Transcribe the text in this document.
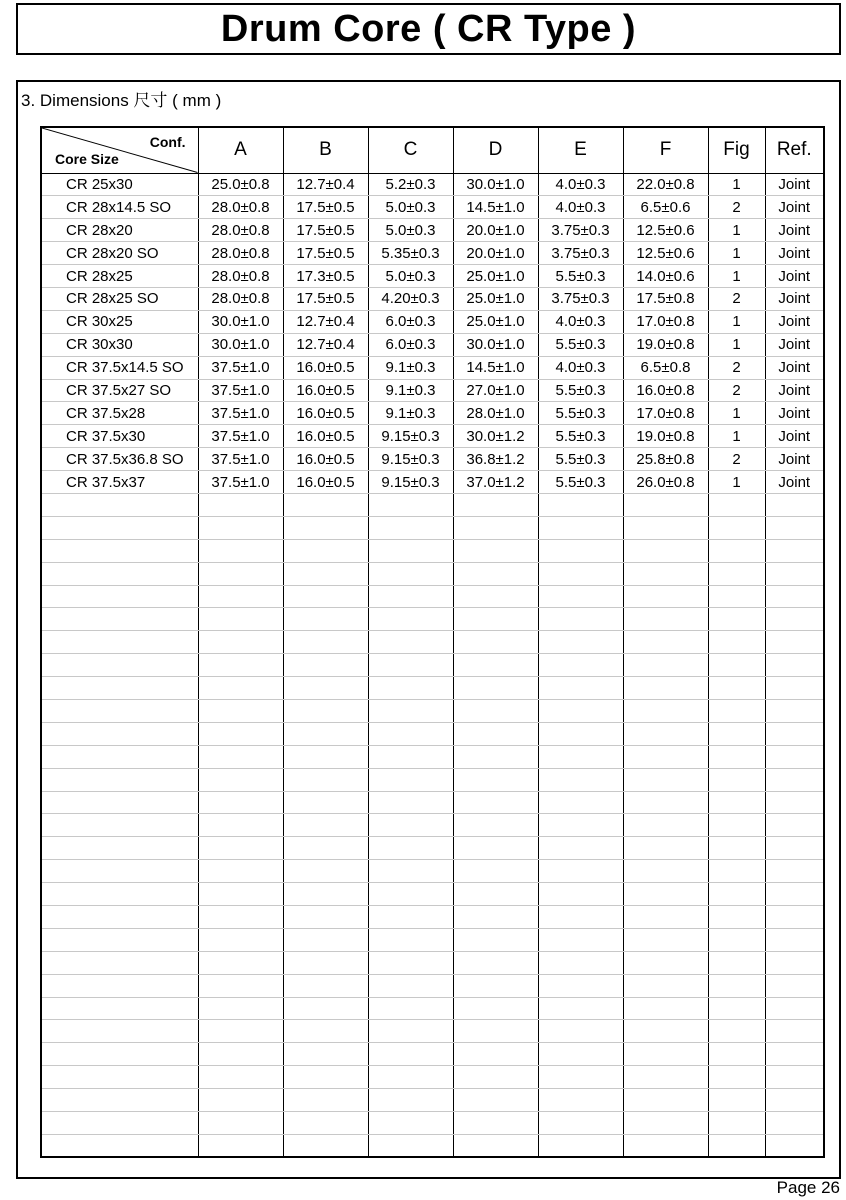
Drum Core ( CR Type )
3. Dimensions 尺寸 ( mm )
Conf.
Core Size	A	B	C	D	E	F	Fig	Ref.
CR 25x30	25.0±0.8	12.7±0.4	5.2±0.3	30.0±1.0	4.0±0.3	22.0±0.8	1	Joint
CR 28x14.5 SO	28.0±0.8	17.5±0.5	5.0±0.3	14.5±1.0	4.0±0.3	6.5±0.6	2	Joint
CR 28x20	28.0±0.8	17.5±0.5	5.0±0.3	20.0±1.0	3.75±0.3	12.5±0.6	1	Joint
CR 28x20 SO	28.0±0.8	17.5±0.5	5.35±0.3	20.0±1.0	3.75±0.3	12.5±0.6	1	Joint
CR 28x25	28.0±0.8	17.3±0.5	5.0±0.3	25.0±1.0	5.5±0.3	14.0±0.6	1	Joint
CR 28x25 SO	28.0±0.8	17.5±0.5	4.20±0.3	25.0±1.0	3.75±0.3	17.5±0.8	2	Joint
CR 30x25	30.0±1.0	12.7±0.4	6.0±0.3	25.0±1.0	4.0±0.3	17.0±0.8	1	Joint
CR 30x30	30.0±1.0	12.7±0.4	6.0±0.3	30.0±1.0	5.5±0.3	19.0±0.8	1	Joint
CR 37.5x14.5 SO	37.5±1.0	16.0±0.5	9.1±0.3	14.5±1.0	4.0±0.3	6.5±0.8	2	Joint
CR 37.5x27 SO	37.5±1.0	16.0±0.5	9.1±0.3	27.0±1.0	5.5±0.3	16.0±0.8	2	Joint
CR 37.5x28	37.5±1.0	16.0±0.5	9.1±0.3	28.0±1.0	5.5±0.3	17.0±0.8	1	Joint
CR 37.5x30	37.5±1.0	16.0±0.5	9.15±0.3	30.0±1.2	5.5±0.3	19.0±0.8	1	Joint
CR 37.5x36.8 SO	37.5±1.0	16.0±0.5	9.15±0.3	36.8±1.2	5.5±0.3	25.8±0.8	2	Joint
CR 37.5x37	37.5±1.0	16.0±0.5	9.15±0.3	37.0±1.2	5.5±0.3	26.0±0.8	1	Joint

Page 26
